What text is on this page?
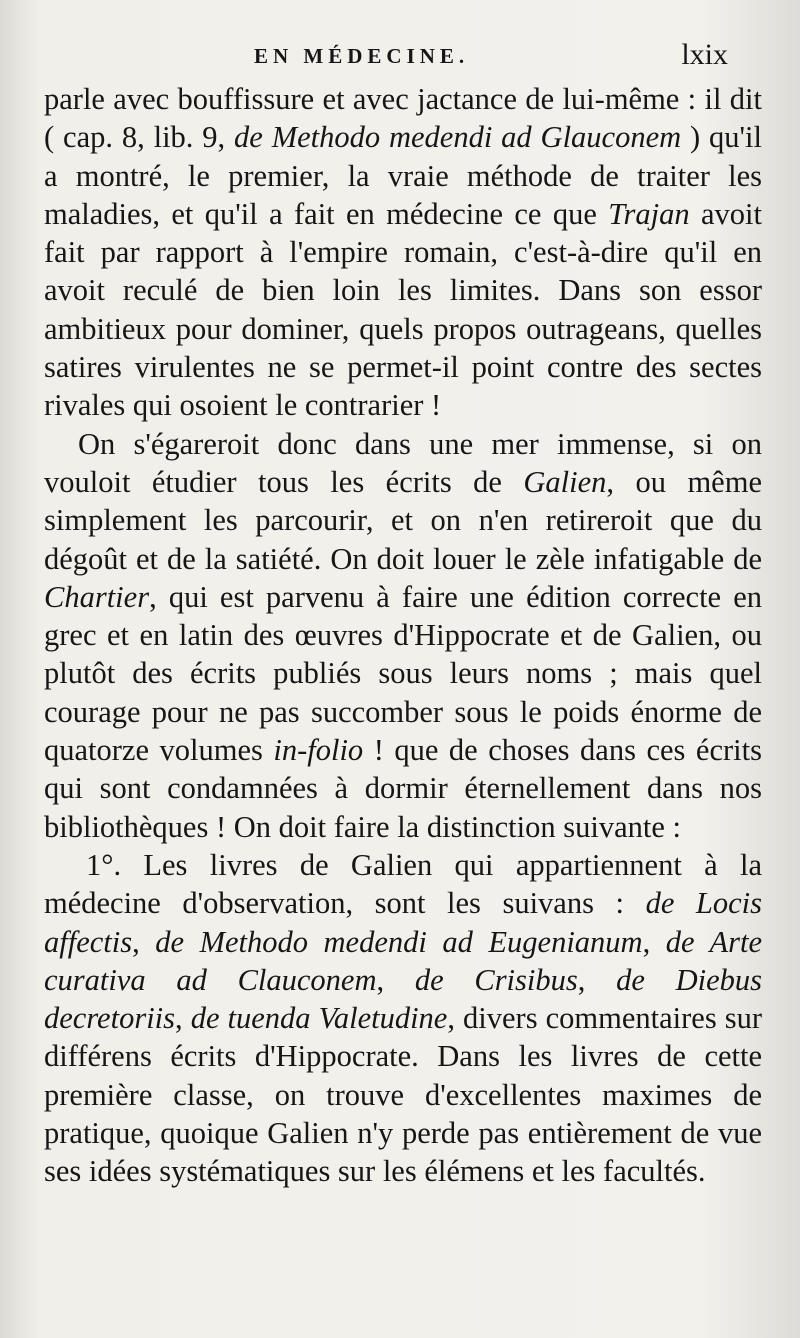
EN MÉDECINE.	lxix

parle avec bouffissure et avec jactance de lui-même : il dit ( cap. 8, lib. 9, de Methodo medendi ad Glauconem ) qu'il a montré, le premier, la vraie méthode de traiter les maladies, et qu'il a fait en médecine ce que Trajan avoit fait par rapport à l'empire romain, c'est-à-dire qu'il en avoit reculé de bien loin les limites. Dans son essor ambitieux pour dominer, quels propos outrageans, quelles satires virulentes ne se permet-il point contre des sectes rivales qui osoient le contrarier !

On s'égareroit donc dans une mer immense, si on vouloit étudier tous les écrits de Galien, ou même simplement les parcourir, et on n'en retireroit que du dégoût et de la satiété. On doit louer le zèle infatigable de Chartier, qui est parvenu à faire une édition correcte en grec et en latin des œuvres d'Hippocrate et de Galien, ou plutôt des écrits publiés sous leurs noms ; mais quel courage pour ne pas succomber sous le poids énorme de quatorze volumes in-folio ! que de choses dans ces écrits qui sont condamnées à dormir éternellement dans nos bibliothèques ! On doit faire la distinction suivante :

1°. Les livres de Galien qui appartiennent à la médecine d'observation, sont les suivans : de Locis affectis, de Methodo medendi ad Eugenianum, de Arte curativa ad Clauconem, de Crisibus, de Diebus decretoriis, de tuenda Valetudine, divers commentaires sur différens écrits d'Hippocrate. Dans les livres de cette première classe, on trouve d'excellentes maximes de pratique, quoique Galien n'y perde pas entièrement de vue ses idées systématiques sur les élémens et les facultés.
